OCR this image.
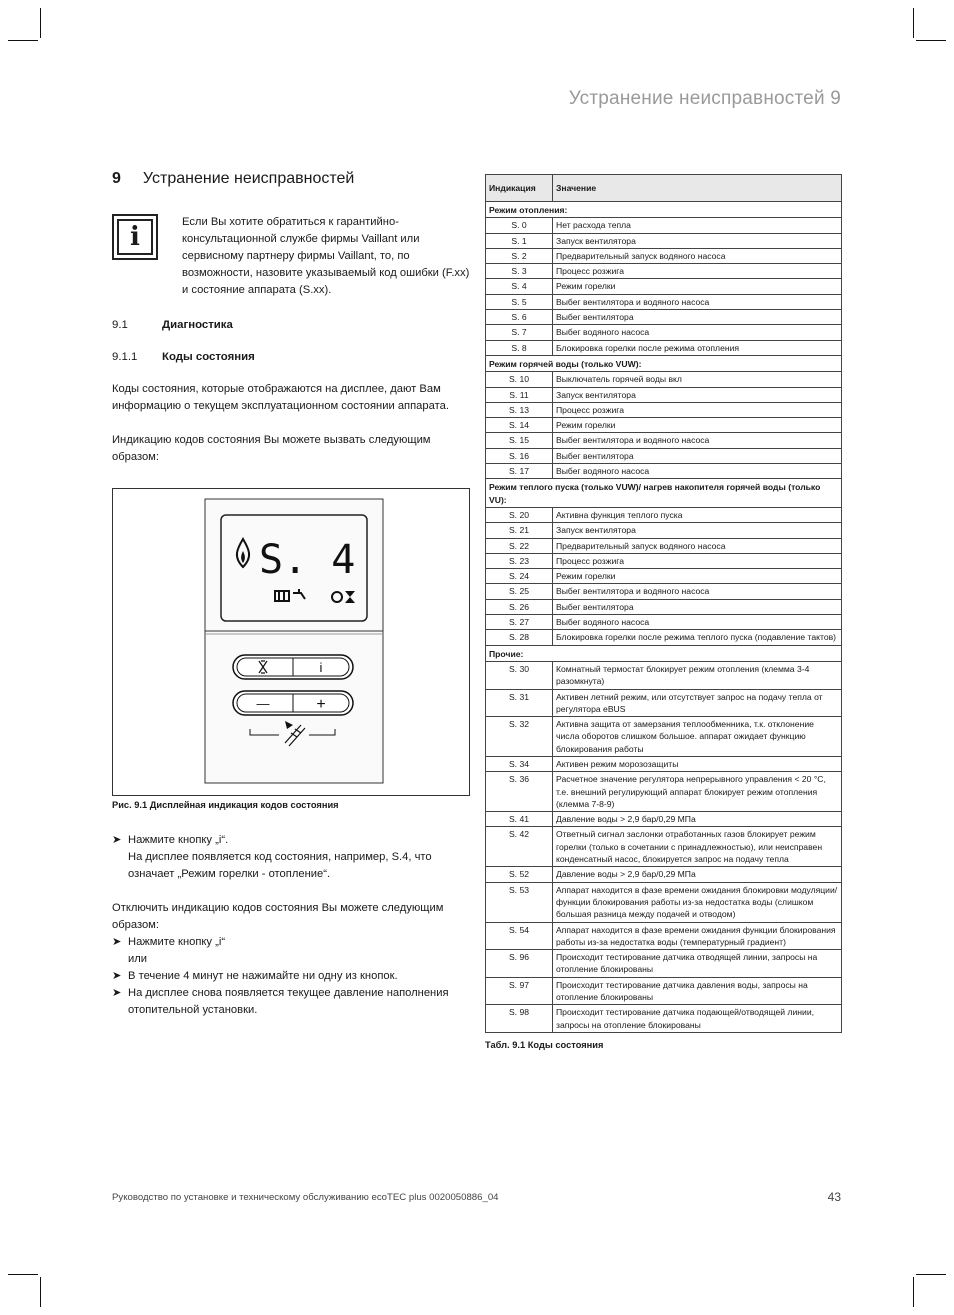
Устранение неисправностей 9
9 Устранение неисправностей
i	Если Вы хотите обратиться к гарантийно-консультационной службе фирмы Vaillant или сервисному партнеру фирмы Vaillant, то, по возможности, назовите указываемый код ошибки (F.xx) и состояние аппарата (S.xx).
9.1	Диагностика
9.1.1	Коды состояния

Коды состояния, которые отображаются на дисплее, дают Вам информацию о текущем эксплуатационном состоянии аппарата.

Индикацию кодов состояния Вы можете вызвать следующим образом:

S. 4
i
—	+
Рис. 9.1 Дисплейная индикация кодов состояния
➤ Нажмите кнопку „i“.
На дисплее появляется код состояния, например, S.4, что означает „Режим горелки - отопление“.

Отключить индикацию кодов состояния Вы можете следующим образом:

➤ Нажмите кнопку „i“
или
➤ В течение 4 минут не нажимайте ни одну из кнопок.
➤ На дисплее снова появляется текущее давление наполнения отопительной установки.
Индикация	Значение
Режим отопления:	
S. 0	Нет расхода тепла
S. 1	Запуск вентилятора
S. 2	Предварительный запуск водяного насоса
S. 3	Процесс розжига
S. 4	Режим горелки
S. 5	Выбег вентилятора и водяного насоса
S. 6	Выбег вентилятора
S. 7	Выбег водяного насоса
S. 8	Блокировка горелки после режима отопления
Режим горячей воды (только VUW):	
S. 10	Выключатель горячей воды вкл
S. 11	Запуск вентилятора
S. 13	Процесс розжига
S. 14	Режим горелки
S. 15	Выбег вентилятора и водяного насоса
S. 16	Выбег вентилятора
S. 17	Выбег водяного насоса
Режим теплого пуска (только VUW)/ нагрев накопителя горячей воды (только VU):	
S. 20	Активна функция теплого пуска
S. 21	Запуск вентилятора
S. 22	Предварительный запуск водяного насоса
S. 23	Процесс розжига
S. 24	Режим горелки
S. 25	Выбег вентилятора и водяного насоса
S. 26	Выбег вентилятора
S. 27	Выбег водяного насоса
S. 28	Блокировка горелки после режима теплого пуска (подавление тактов)
Прочие:	
S. 30	Комнатный термостат блокирует режим отопления (клемма 3-4 разомкнута)
S. 31	Активен летний режим, или отсутствует запрос на подачу тепла от регулятора eBUS
S. 32	Активна защита от замерзания теплообменника, т.к. отклонение числа оборотов слишком большое. аппарат ожидает функцию блокирования работы
S. 34	Активен режим морозозащиты
S. 36	Расчетное значение регулятора непрерывного управления < 20 °C, т.е. внешний регулирующий аппарат блокирует режим отопления (клемма 7-8-9)
S. 41	Давление воды > 2,9 бар/0,29 МПа
S. 42	Ответный сигнал заслонки отработанных газов блокирует режим горелки (только в сочетании с принадлежностью), или неисправен конденсатный насос, блокируется запрос на подачу тепла
S. 52	Давление воды > 2,9 бар/0,29 МПа
S. 53	Аппарат находится в фазе времени ожидания блокировки модуляции/функции блокирования работы из-за недостатка воды (слишком большая разница между подачей и отводом)
S. 54	Аппарат находится в фазе времени ожидания функции блокирования работы из-за недостатка воды (температурный градиент)
S. 96	Происходит тестирование датчика отводящей линии, запросы на отопление блокированы
S. 97	Происходит тестирование датчика давления воды, запросы на отопление блокированы
S. 98	Происходит тестирование датчика подающей/отводящей линии, запросы на отопление блокированы
Табл. 9.1 Коды состояния
Руководство по установке и техническому обслуживанию ecoTEC plus 0020050886_04	43
